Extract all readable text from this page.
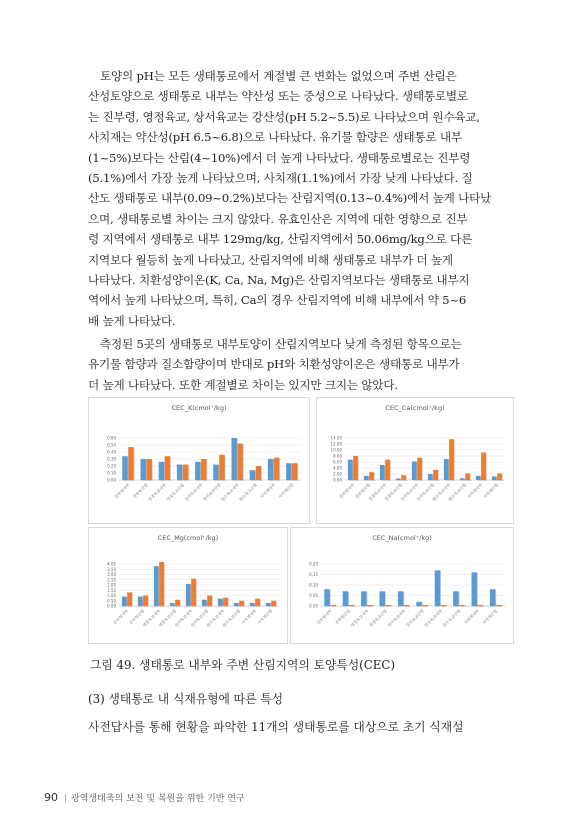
토양의 pH는 모든 생태통로에서 계절별 큰 변화는 없었으며 주변 산림은
산성토양으로 생태통로 내부는 약산성 또는 중성으로 나타났다. 생태통로별로
는 진부령, 영정육교, 상서육교는 강산성(pH 5.2~5.5)로 나타났으며 원수육교,
사치재는 약산성(pH 6.5~6.8)으로 나타났다. 유기물 함량은 생태통로 내부
(1~5%)보다는 산림(4~10%)에서 더 높게 나타났다. 생태통로별로는 진부령
(5.1%)에서 가장 높게 나타났으며, 사치재(1.1%)에서 가장 낮게 나타났다. 질
산도 생태통로 내부(0.09~0.2%)보다는 산림지역(0.13~0.4%)에서 높게 나타났
으며, 생태통로별 차이는 크지 않았다. 유효인산은 지역에 대한 영향으로 진부
령 지역에서 생태통로 내부 129mg/kg, 산림지역에서 50.06mg/kg으로 다른
지역보다 월등히 높게 나타났고, 산림지역에 비해 생태통로 내부가 더 높게
나타났다. 치환성양이온(K, Ca, Na, Mg)은 산림지역보다는 생태통로 내부지
역에서 높게 나타났으며, 특히, Ca의 경우 산림지역에 비해 내부에서 약 5~6
배 높게 나타났다.
측정된 5곳의 생태통로 내부토양이 산림지역보다 낮게 측정된 항목으로는
유기물 함량과 질소함량이며 반대로 pH와 치환성양이온은 생태통로 내부가
더 높게 나타났다. 또한 계절별로 차이는 있지만 크지는 않았다.
CEC_K(cmol⁺/kg)
0.00
0.10
0.20
0.30
0.40
0.50
0.60
진부령내부 진부령산림
영정육교내부
영정육교산림
상서육교내부
상서육교산림
원수육교내부
원수육교산림 사치재내부 사치재산림
CEC_Ca(cmol⁺/kg)
0.00
2.00
4.00
6.00
8.00
10.00
12.00
14.00
진부령내부
진부령산림
영정육교내부
영정육교산림
상서육교내부
상서육교산림
원수육교내부
원수육교산림
사치재내부
사치재산림
CEC_Mg(cmol⁺/kg)
0.00
0.50
1.00
1.50
2.00
2.50
3.00
3.50
4.00
진부령내부
진부령산림
영정육교내부
영정육교산림
상서육교내부
상서육교산림
원수육교내부
원수육교산림
사치재내부
사치재산림
CEC_Na(cmol⁺/kg)
0.00
0.05
0.10
0.15
0.20
진부령내부 진부령산림
영정육교내부
영정육교산림
상서육교내부
상서육교산림
원수육교내부
원수육교산림 사치재내부 사치재산림
그림 49. 생태통로 내부와 주변 산림지역의 토양특성(CEC)
(3) 생태통로 내 식재유형에 따른 특성
사전답사를 통해 현황을 파악한 11개의 생태통로를 대상으로 초기 식재설
90 | 광역생태축의 보전 및 복원을 위한 기반 연구
